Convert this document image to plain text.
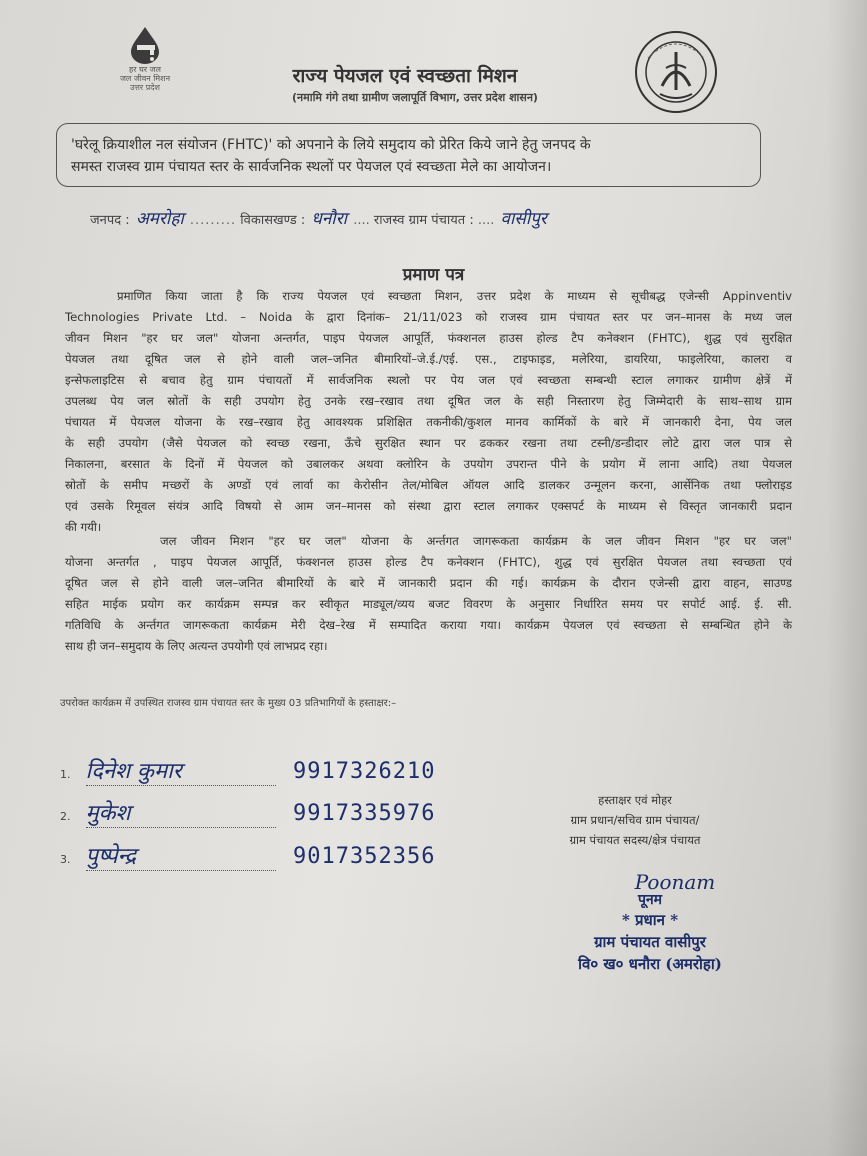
हर घर जल
जल जीवन मिशन
उत्तर प्रदेश
राज्य पेयजल एवं स्वच्छता मिशन
(नमामि गंगे तथा ग्रामीण जलापूर्ति विभाग, उत्तर प्रदेश शासन)
'घरेलू क्रियाशील नल संयोजन (FHTC)' को अपनाने के लिये समुदाय को प्रेरित किये जाने हेतु जनपद के
समस्त राजस्व ग्राम पंचायत स्तर के सार्वजनिक स्थलों पर पेयजल एवं स्वच्छता मेले का आयोजन।
जनपद : अमरोहा ......... विकासखण्ड : धनौरा .... राजस्व ग्राम पंचायत : .... वासीपुर
प्रमाण पत्र
प्रमाणित किया जाता है कि राज्य पेयजल एवं स्वच्छता मिशन, उत्तर प्रदेश के माध्यम से सूचीबद्ध एजेन्सी Appinventiv
Technologies Private Ltd. – Noida के द्वारा दिनांक– 21/11/023 को राजस्व ग्राम पंचायत स्तर पर जन–मानस के मध्य जल
जीवन मिशन "हर घर जल" योजना अन्तर्गत, पाइप पेयजल आपूर्ति, फंक्शनल हाउस होल्ड टैप कनेक्शन (FHTC), शुद्ध एवं सुरक्षित
पेयजल तथा दूषित जल से होने वाली जल–जनित बीमारियों–जे.ई./एई. एस., टाइफाइड, मलेरिया, डायरिया, फाइलेरिया, कालरा व
इन्सेफलाइटिस से बचाव हेतु ग्राम पंचायतों में सार्वजनिक स्थलो पर पेय जल एवं स्वच्छता सम्बन्धी स्टाल लगाकर ग्रामीण क्षेत्रें में
उपलब्ध पेय जल स्रोतों के सही उपयोग हेतु उनके रख–रखाव तथा दूषित जल के सही निस्तारण हेतु जिम्मेदारी के साथ–साथ ग्राम
पंचायत में पेयजल योजना के रख–रखाव हेतु आवश्यक प्रशिक्षित तकनीकी/कुशल मानव कार्मिकों के बारे में जानकारी देना, पेय जल
के सही उपयोग (जैसे पेयजल को स्वच्छ रखना, ऊँचे सुरक्षित स्थान पर ढककर रखना तथा टस्नी/डन्डीदार लोटे द्वारा जल पात्र से
निकालना, बरसात के दिनों में पेयजल को उबालकर अथवा क्लोरिन के उपयोग उपरान्त पीने के प्रयोग में लाना आदि) तथा पेयजल
स्रोतों के समीप मच्छरों के अण्डों एवं लार्वा का केरोसीन तेल/मोबिल ऑयल आदि डालकर उन्मूलन करना, आर्सेनिक तथा फ्लोराइड
एवं उसके रिमूवल संयंत्र आदि विषयो से आम जन–मानस को संस्था द्वारा स्टाल लगाकर एक्सपर्ट के माध्यम से विस्तृत जानकारी प्रदान
की गयी।
जल जीवन मिशन "हर घर जल" योजना के अर्न्तगत जागरूकता कार्यक्रम के जल जीवन मिशन "हर घर जल"
योजना अन्तर्गत , पाइप पेयजल आपूर्ति, फंक्शनल हाउस होल्ड टैप कनेक्शन (FHTC), शुद्ध एवं सुरक्षित पेयजल तथा स्वच्छता एवं
दूषित जल से होने वाली जल–जनित बीमारियों के बारे में जानकारी प्रदान की गई। कार्यक्रम के दौरान एजेन्सी द्वारा वाहन, साउण्ड
सहित माईक प्रयोग कर कार्यक्रम सम्पन्न कर स्वीकृत माड्यूल/व्यय बजट विवरण के अनुसार निर्धारित समय पर सपोर्ट आई. ई. सी.
गतिविधि के अर्न्तगत जागरूकता कार्यक्रम मेरी देख–रेख में सम्पादित कराया गया। कार्यक्रम पेयजल एवं स्वच्छता से सम्बन्धित होने के
साथ ही जन–समुदाय के लिए अत्यन्त उपयोगी एवं लाभप्रद रहा।
उपरोक्त कार्यक्रम में उपस्थित राजस्व ग्राम पंचायत स्तर के मुख्य 03 प्रतिभागियों के हस्ताक्षर:–
1. दिनेश कुमार	9917326210
2. मुकेश	9917335976
3. पुष्पेन्द्र	9017352356
हस्ताक्षर एवं मोहर
ग्राम प्रधान/सचिव ग्राम पंचायत/
ग्राम पंचायत सदस्य/क्षेत्र पंचायत
Poonam
पूनम
* प्रधान *
ग्राम पंचायत वासीपुर
वि० ख० धनौरा (अमरोहा)
